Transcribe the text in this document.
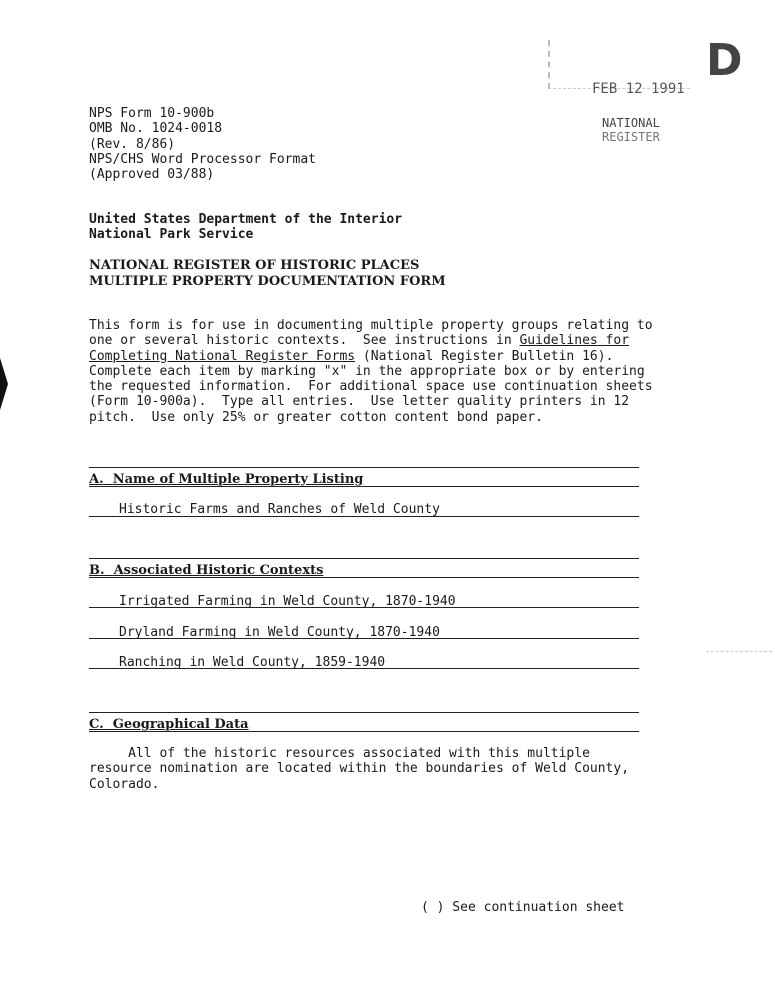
D
FEB 12 1991
NATIONAL
REGISTER
NPS Form 10-900b
OMB No. 1024-0018
(Rev. 8/86)
NPS/CHS Word Processor Format
(Approved 03/88)
United States Department of the Interior
National Park Service
NATIONAL REGISTER OF HISTORIC PLACES
MULTIPLE PROPERTY DOCUMENTATION FORM
This form is for use in documenting multiple property groups relating to
one or several historic contexts.  See instructions in Guidelines for
Completing National Register Forms (National Register Bulletin 16).
Complete each item by marking "x" in the appropriate box or by entering
the requested information.  For additional space use continuation sheets
(Form 10-900a).  Type all entries.  Use letter quality printers in 12
pitch.  Use only 25% or greater cotton content bond paper.
A. Name of Multiple Property Listing
Historic Farms and Ranches of Weld County
B. Associated Historic Contexts
Irrigated Farming in Weld County, 1870-1940
Dryland Farming in Weld County, 1870-1940
Ranching in Weld County, 1859-1940
C. Geographical Data
All of the historic resources associated with this multiple
resource nomination are located within the boundaries of Weld County,
Colorado.
( ) See continuation sheet
